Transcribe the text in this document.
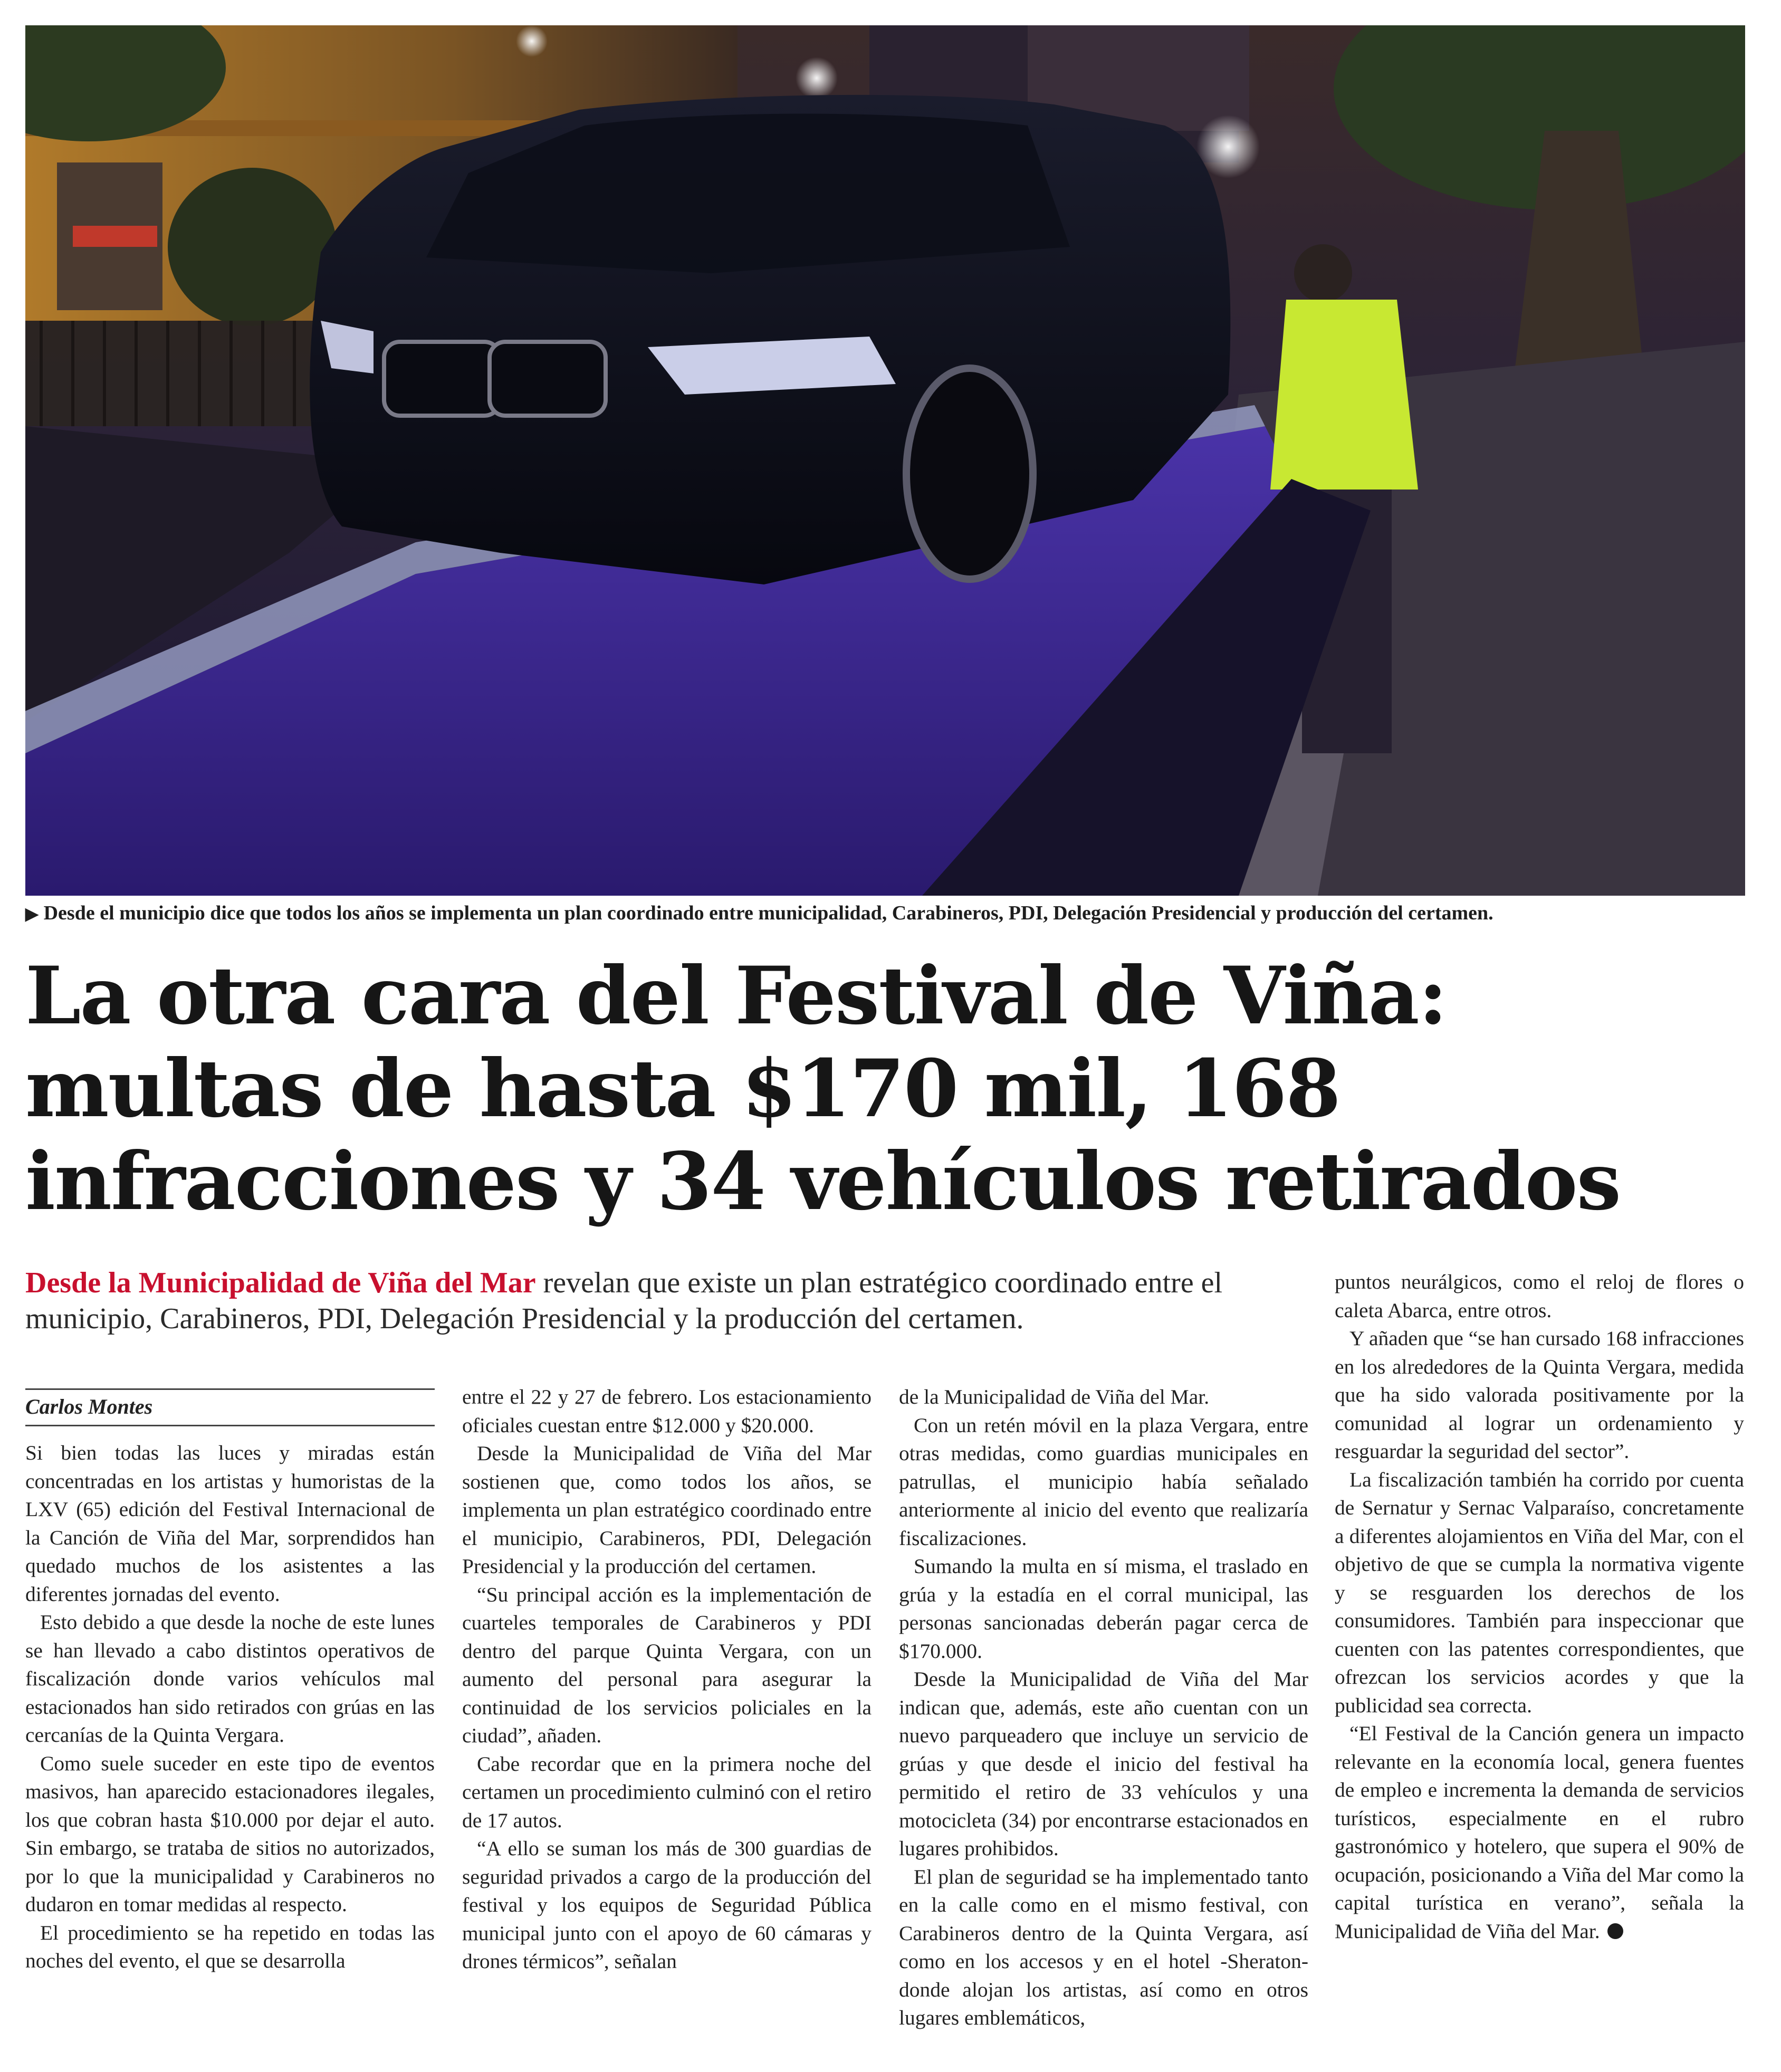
▶ Desde el municipio dice que todos los años se implementa un plan coordinado entre municipalidad, Carabineros, PDI, Delegación Presidencial y producción del certamen.
La otra cara del Festival de Viña:
multas de hasta $170 mil, 168
infracciones y 34 vehículos retirados
Desde la Municipalidad de Viña del Mar revelan que existe un plan estratégico coordinado entre el municipio, Carabineros, PDI, Delegación Presidencial y la producción del certamen.
Carlos Montes

Si bien todas las luces y miradas están concentradas en los artistas y humoristas de la LXV (65) edición del Festival Internacional de la Canción de Viña del Mar, sorprendidos han quedado muchos de los asistentes a las diferentes jornadas del evento.

Esto debido a que desde la noche de este lunes se han llevado a cabo distintos operativos de fiscalización donde varios vehículos mal estacionados han sido retirados con grúas en las cercanías de la Quinta Vergara.

Como suele suceder en este tipo de eventos masivos, han aparecido estacionadores ilegales, los que cobran hasta $10.000 por dejar el auto. Sin embargo, se trataba de sitios no autorizados, por lo que la municipalidad y Carabineros no dudaron en tomar medidas al respecto.

El procedimiento se ha repetido en todas las noches del evento, el que se desarrolla

entre el 22 y 27 de febrero. Los estacionamiento oficiales cuestan entre $12.000 y $20.000.

Desde la Municipalidad de Viña del Mar sostienen que, como todos los años, se implementa un plan estratégico coordinado entre el municipio, Carabineros, PDI, Delegación Presidencial y la producción del certamen.

“Su principal acción es la implementación de cuarteles temporales de Carabineros y PDI dentro del parque Quinta Vergara, con un aumento del personal para asegurar la continuidad de los servicios policiales en la ciudad”, añaden.

Cabe recordar que en la primera noche del certamen un procedimiento culminó con el retiro de 17 autos.

“A ello se suman los más de 300 guardias de seguridad privados a cargo de la producción del festival y los equipos de Seguridad Pública municipal junto con el apoyo de 60 cámaras y drones térmicos”, señalan

de la Municipalidad de Viña del Mar.

Con un retén móvil en la plaza Vergara, entre otras medidas, como guardias municipales en patrullas, el municipio había señalado anteriormente al inicio del evento que realizaría fiscalizaciones.

Sumando la multa en sí misma, el traslado en grúa y la estadía en el corral municipal, las personas sancionadas deberán pagar cerca de $170.000.

Desde la Municipalidad de Viña del Mar indican que, además, este año cuentan con un nuevo parqueadero que incluye un servicio de grúas y que desde el inicio del festival ha permitido el retiro de 33 vehículos y una motocicleta (34) por encontrarse estacionados en lugares prohibidos.

El plan de seguridad se ha implementado tanto en la calle como en el mismo festival, con Carabineros dentro de la Quinta Vergara, así como en los accesos y en el hotel -Sheraton- donde alojan los artistas, así como en otros lugares emblemáticos,

puntos neurálgicos, como el reloj de flores o caleta Abarca, entre otros.

Y añaden que “se han cursado 168 infracciones en los alrededores de la Quinta Vergara, medida que ha sido valorada positivamente por la comunidad al lograr un ordenamiento y resguardar la seguridad del sector”.

La fiscalización también ha corrido por cuenta de Sernatur y Sernac Valparaíso, concretamente a diferentes alojamientos en Viña del Mar, con el objetivo de que se cumpla la normativa vigente y se resguarden los derechos de los consumidores. También para inspeccionar que cuenten con las patentes correspondientes, que ofrezcan los servicios acordes y que la publicidad sea correcta.

“El Festival de la Canción genera un impacto relevante en la economía local, genera fuentes de empleo e incrementa la demanda de servicios turísticos, especialmente en el rubro gastronómico y hotelero, que supera el 90% de ocupación, posicionando a Viña del Mar como la capital turística en verano”, señala la Municipalidad de Viña del Mar.
